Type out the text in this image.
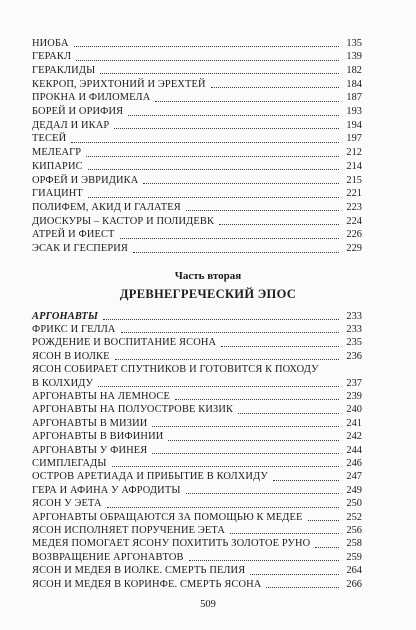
НИОБА	135
ГЕРАКЛ	139
ГЕРАКЛИДЫ	182
КЕКРОП, ЭРИХТОНИЙ И ЭРЕХТЕЙ	184
ПРОКНА И ФИЛОМЕЛА	187
БОРЕЙ И ОРИФИЯ	193
ДЕДАЛ И ИКАР	194
ТЕСЕЙ	197
МЕЛЕАГР	212
КИПАРИС	214
ОРФЕЙ И ЭВРИДИКА	215
ГИАЦИНТ	221
ПОЛИФЕМ, АКИД И ГАЛАТЕЯ	223
ДИОСКУРЫ – КАСТОР И ПОЛИДЕВК	224
АТРЕЙ И ФИЕСТ	226
ЭСАК И ГЕСПЕРИЯ	229
Часть вторая
ДРЕВНЕГРЕЧЕСКИЙ ЭПОС
АРГОНАВТЫ	233
ФРИКС И ГЕЛЛА	233
РОЖДЕНИЕ И ВОСПИТАНИЕ ЯСОНА	235
ЯСОН В ИОЛКЕ	236
ЯСОН СОБИРАЕТ СПУТНИКОВ И ГОТОВИТСЯ К ПОХОДУ
В КОЛХИДУ	237
АРГОНАВТЫ НА ЛЕМНОСЕ	239
АРГОНАВТЫ НА ПОЛУОСТРОВЕ КИЗИК	240
АРГОНАВТЫ В МИЗИИ	241
АРГОНАВТЫ В ВИФИНИИ	242
АРГОНАВТЫ У ФИНЕЯ	244
СИМПЛЕГАДЫ	246
ОСТРОВ АРЕТИАДА И ПРИБЫТИЕ В КОЛХИДУ	247
ГЕРА И АФИНА У АФРОДИТЫ	249
ЯСОН У ЭЕТА	250
АРГОНАВТЫ ОБРАЩАЮТСЯ ЗА ПОМОЩЬЮ К МЕДЕЕ	252
ЯСОН ИСПОЛНЯЕТ ПОРУЧЕНИЕ ЭЕТА	256
МЕДЕЯ ПОМОГАЕТ ЯСОНУ ПОХИТИТЬ ЗОЛОТОЕ РУНО	258
ВОЗВРАЩЕНИЕ АРГОНАВТОВ	259
ЯСОН И МЕДЕЯ В ИОЛКЕ. СМЕРТЬ ПЕЛИЯ	264
ЯСОН И МЕДЕЯ В КОРИНФЕ. СМЕРТЬ ЯСОНА	266
509
